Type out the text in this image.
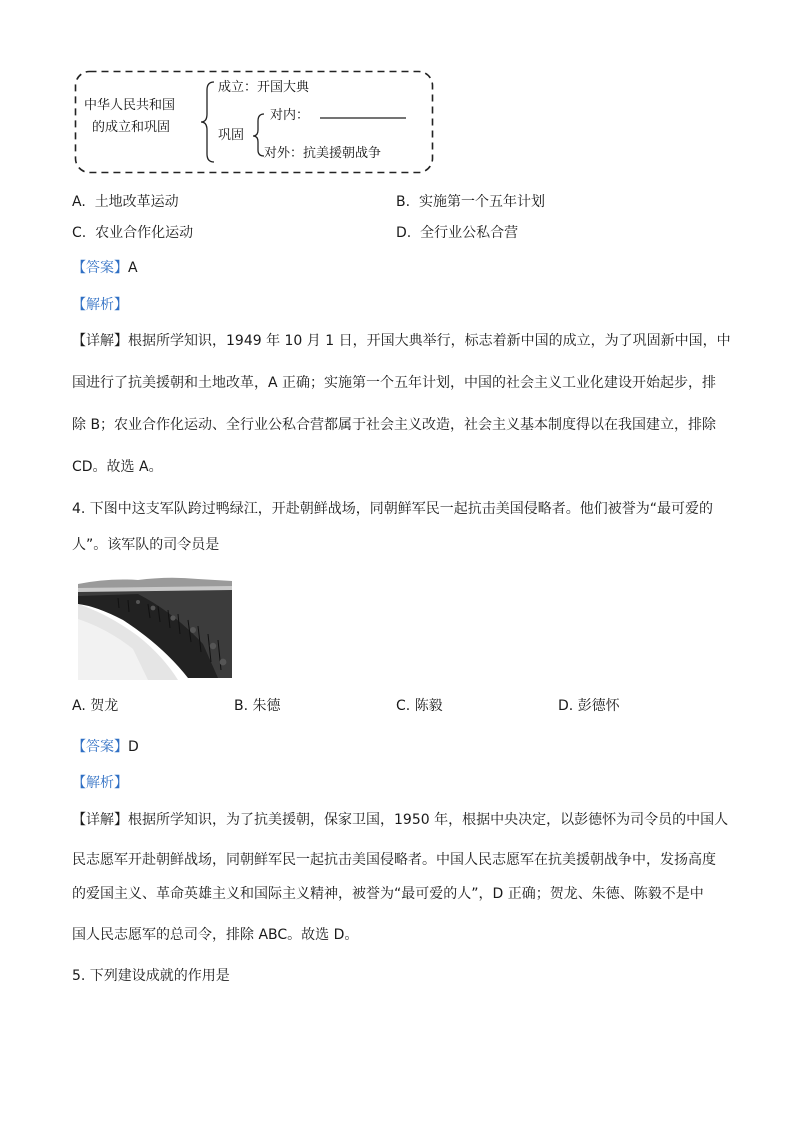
中华人民共和国
的成立和巩固
成立：开国大典
巩固
对内：
对外：抗美援朝战争
A. 土地改革运动	B. 实施第一个五年计划
C. 农业合作化运动	D. 全行业公私合营
【答案】A
【解析】
【详解】根据所学知识，1949 年 10 月 1 日，开国大典举行，标志着新中国的成立，为了巩固新中国，中
国进行了抗美援朝和土地改革，A 正确；实施第一个五年计划，中国的社会主义工业化建设开始起步，排
除 B；农业合作化运动、全行业公私合营都属于社会主义改造，社会主义基本制度得以在我国建立，排除
CD。故选 A。
4. 下图中这支军队跨过鸭绿江，开赴朝鲜战场，同朝鲜军民一起抗击美国侵略者。他们被誉为“最可爱的
人”。该军队的司令员是
A. 贺龙	B. 朱德	C. 陈毅	D. 彭德怀
【答案】D
【解析】
【详解】根据所学知识，为了抗美援朝，保家卫国，1950 年，根据中央决定，以彭德怀为司令员的中国人
民志愿军开赴朝鲜战场，同朝鲜军民一起抗击美国侵略者。中国人民志愿军在抗美援朝战争中，发扬高度
的爱国主义、革命英雄主义和国际主义精神，被誉为“最可爱的人”，D 正确；贺龙、朱德、陈毅不是中
国人民志愿军的总司令，排除 ABC。故选 D。
5. 下列建设成就的作用是
